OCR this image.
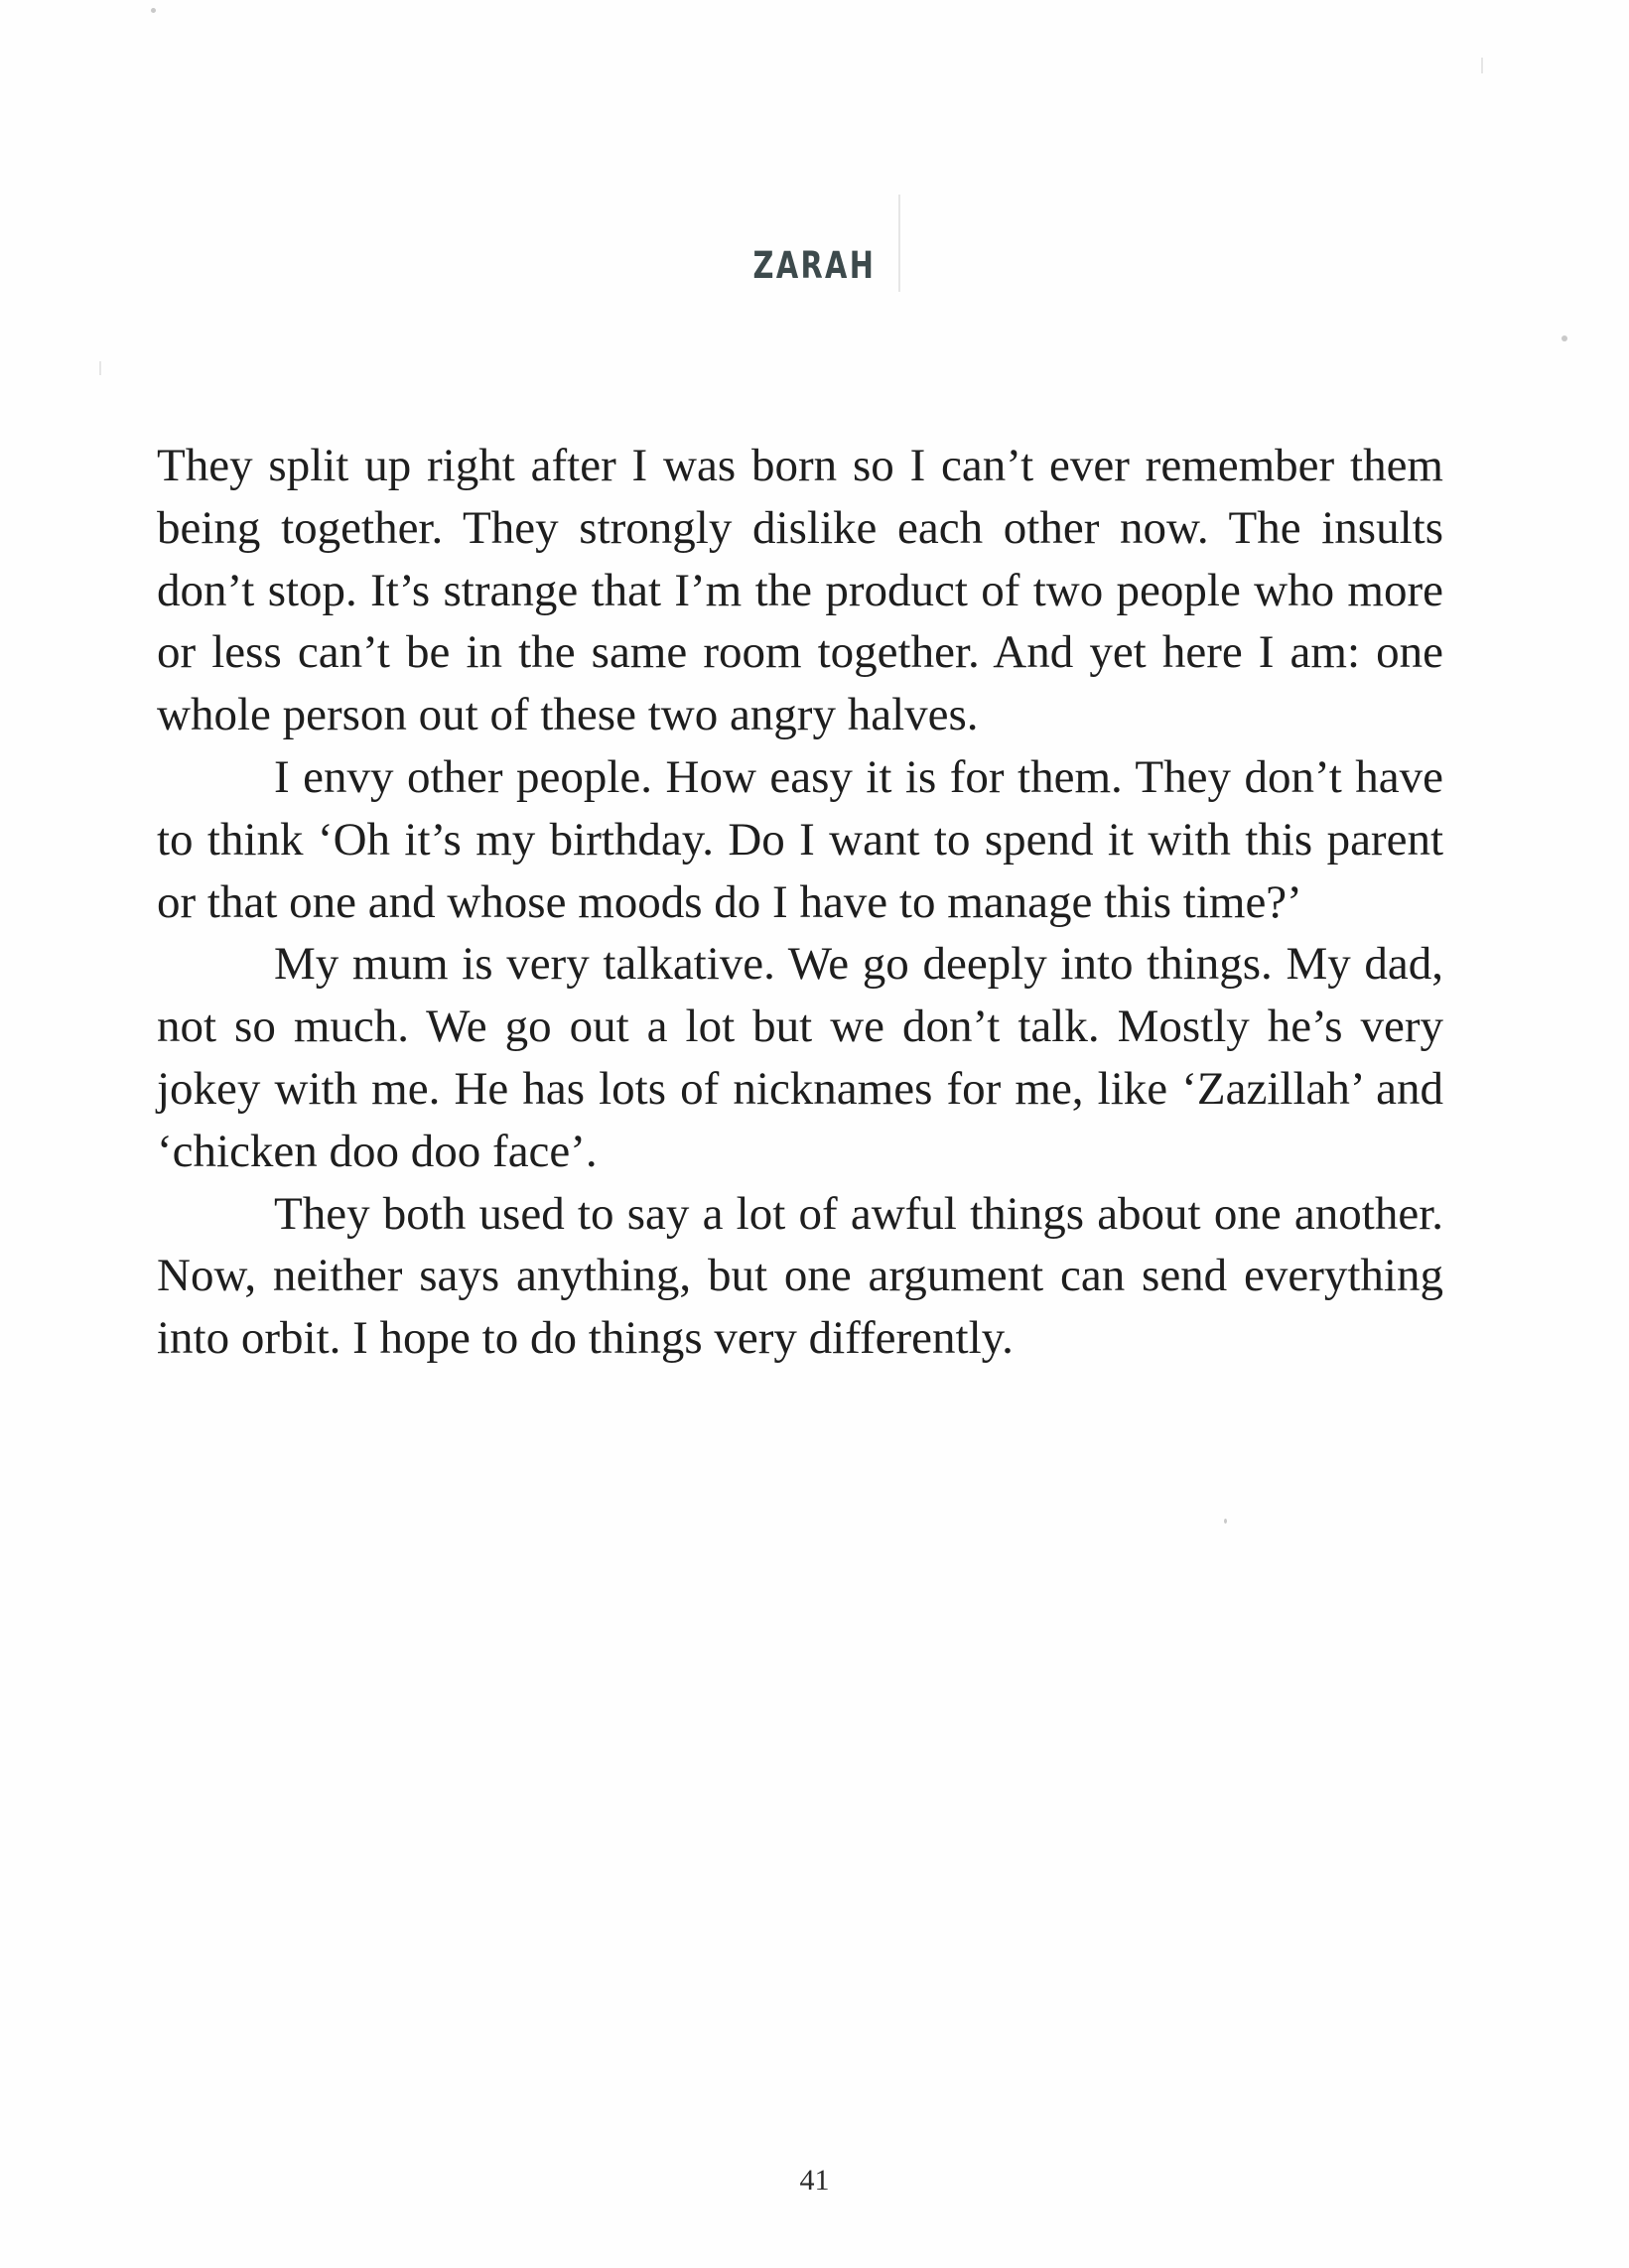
ZARAH

They split up right after I was born so I can’t ever remember them being together. They strongly dislike each other now. The insults don’t stop. It’s strange that I’m the product of two people who more or less can’t be in the same room together. And yet here I am: one whole person out of these two angry halves.

I envy other people. How easy it is for them. They don’t have to think ‘Oh it’s my birthday. Do I want to spend it with this parent or that one and whose moods do I have to manage this time?’

My mum is very talkative. We go deeply into things. My dad, not so much. We go out a lot but we don’t talk. Mostly he’s very jokey with me. He has lots of nicknames for me, like ‘Zazillah’ and ‘chicken doo doo face’.

They both used to say a lot of awful things about one another. Now, neither says anything, but one argument can send everything into orbit. I hope to do things very differently.

41
